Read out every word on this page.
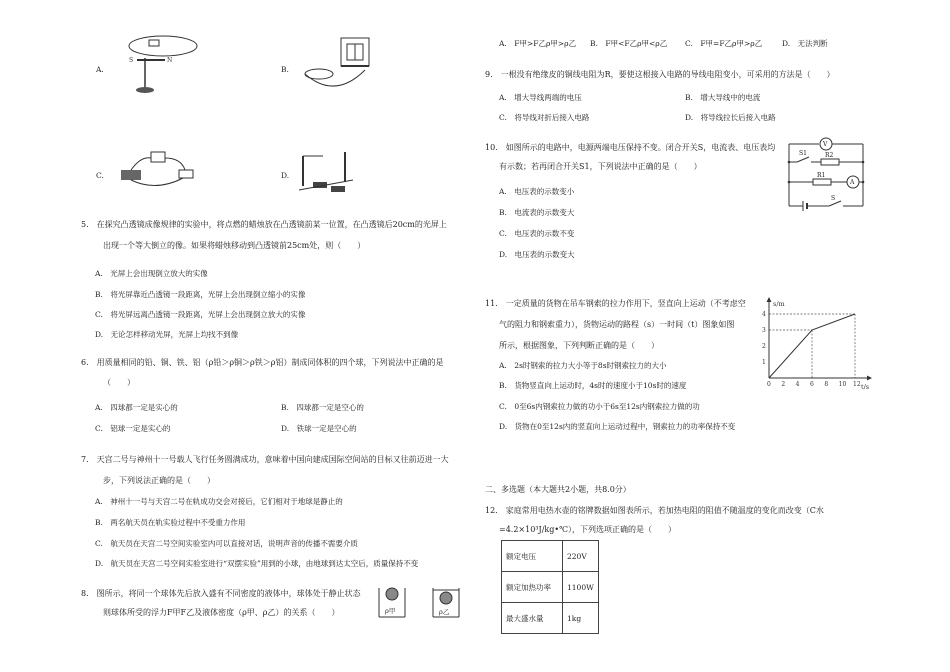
A.
S	N
B.
C.	D.
5.　在探究凸透镜成像规律的实验中，将点燃的蜡烛放在凸透镜前某一位置，在凸透镜后20cm的光屏上
出现一个等大倒立的像。如果将蜡烛移动到凸透镜前25cm处，则（　　）
A.　光屏上会出现倒立放大的实像
B.　将光屏靠近凸透镜一段距离，光屏上会出现倒立缩小的实像
C.　将光屏远离凸透镜一段距离，光屏上会出现倒立放大的实像
D.　无论怎样移动光屏，光屏上均找不到像
6.　用质量相同的铅、铜、铁、铝（ρ铅＞ρ铜＞ρ铁＞ρ铝）制成同体积的四个球，下列说法中正确的是
（　　）
A.　四球都一定是实心的	B.　四球都一定是空心的
C.　铝球一定是实心的	D.　铁球一定是空心的
7.　天宫二号与神州十一号载人飞行任务圆满成功，意味着中国向建成国际空间站的目标又往前迈进一大
步，下列说法正确的是（　　）
A.　神州十一号与天宫二号在轨成功交会对接后，它们相对于地球是静止的
B.　两名航天员在轨实验过程中不受重力作用
C.　航天员在天宫二号空间实验室内可以直接对话，说明声音的传播不需要介质
D.　航天员在天宫二号空间实验室进行“双摆实验”用到的小球，由地球到达太空后，质量保持不变
8.　图所示，将同一个球体先后放入盛有不同密度的液体中，球体处于静止状态
则球体所受的浮力F甲F乙及液体密度（ρ甲、ρ乙）的关系（　　）	ρ甲	ρ乙
A.　F甲>F乙ρ甲>ρ乙 B.　F甲<F乙ρ甲<ρ乙 C.　F甲=F乙ρ甲>ρ乙	D.　无法判断
9.　一根没有绝缘皮的铜线电阻为R，要使这根接入电路的导线电阻变小，可采用的方法是（　　）
A.　增大导线两端的电压	B.　增大导线中的电流
C.　将导线对折后接入电路	D.　将导线拉长后接入电路
10.　如图所示的电路中，电源两端电压保持不变。闭合开关S，电流表、电压表均
有示数；若再闭合开关S1，下列说法中正确的是（　　）
A.　电压表的示数变小
B.　电流表的示数变大
C.　电压表的示数不变
D.　电压表的示数变大
V
S1	R2
R1
A
S
11.　一定质量的货物在吊车钢索的拉力作用下，竖直向上运动（不考虑空
气的阻力和钢索重力），货物运动的路程（s）一时间（t）图象如图
所示，根据图象，下列判断正确的是（　　）
A.　2s时钢索的拉力大小等于8s时钢索拉力的大小
B.　货物竖直向上运动时，4s时的速度小于10s时的速度
C.　0至6s内钢索拉力做的功小于6s至12s内钢索拉力做的功
D.　货物在0至12s内的竖直向上运动过程中，钢索拉力的功率保持不变
0 2 4 6 8 10 12
1
2
3
4
s/m
t/s
二、多选题（本大题共2小题，共8.0分）
12.　家庭常用电热水壶的铭牌数据如图表所示，若加热电阻的阻值不随温度的变化而改变（C水
=4.2×10³J/kg•℃），下列选项正确的是（　　）
额定电压	220V
额定加热功率	1100W
最大盛水量	1kg
